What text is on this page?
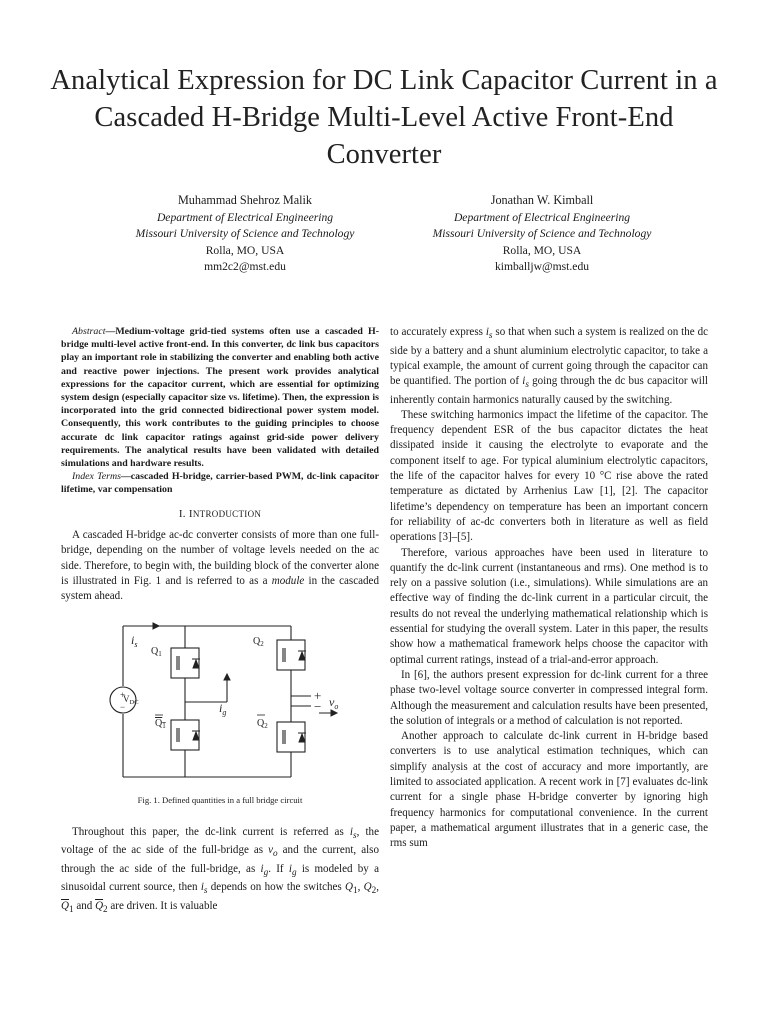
Analytical Expression for DC Link Capacitor Current in a Cascaded H-Bridge Multi-Level Active Front-End Converter
Muhammad Shehroz Malik
Department of Electrical Engineering
Missouri University of Science and Technology
Rolla, MO, USA
mm2c2@mst.edu
Jonathan W. Kimball
Department of Electrical Engineering
Missouri University of Science and Technology
Rolla, MO, USA
kimballjw@mst.edu

Abstract—Medium-voltage grid-tied systems often use a cascaded H-bridge multi-level active front-end. In this converter, dc link bus capacitors play an important role in stabilizing the converter and enabling both active and reactive power injections. The present work provides analytical expressions for the capacitor current, which are essential for optimizing system design (especially capacitor size vs. lifetime). Then, the expression is incorporated into the grid connected bidirectional power system model. Consequently, this work contributes to the guiding principles to choose accurate dc link capacitor ratings against grid-side power delivery requirements. The analytical results have been validated with detailed simulations and hardware results.

Index Terms—cascaded H-bridge, carrier-based PWM, dc-link capacitor lifetime, var compensation

I. INTRODUCTION

A cascaded H-bridge ac-dc converter consists of more than one full-bridge, depending on the number of voltage levels needed on the ac side. Therefore, to begin with, the building block of the converter alone is illustrated in Fig. 1 and is referred to as a module in the cascaded system ahead.

+
−
$i_s$
$i_g$
$Q_1$
$Q_2$
$Q_1$	$Q_2$
$V_{DC}$	+
− $v_o$
Fig. 1. Defined quantities in a full bridge circuit

Throughout this paper, the dc-link current is referred as $i_s$, the voltage of the ac side of the full-bridge as $v_o$ and the current, also through the ac side of the full-bridge, as $i_g$. If $i_g$ is modeled by a sinusoidal current source, then $i_s$ depends on how the switches $Q_1$, $Q_2$, $\overline{Q}_1$ and $\overline{Q}_2$ are driven. It is valuable

to accurately express $i_s$ so that when such a system is realized on the dc side by a battery and a shunt aluminium electrolytic capacitor, to take a typical example, the amount of current going through the capacitor can be quantified. The portion of $i_s$ going through the dc bus capacitor will inherently contain harmonics naturally caused by the switching.

These switching harmonics impact the lifetime of the capacitor. The frequency dependent ESR of the bus capacitor dictates the heat dissipated inside it causing the electrolyte to evaporate and the component itself to age. For typical aluminium electrolytic capacitors, the life of the capacitor halves for every 10 °C rise above the rated temperature as dictated by Arrhenius Law [1], [2]. The capacitor lifetime’s dependency on temperature has been an important concern for reliability of ac-dc converters both in literature as well as field operations [3]–[5].

Therefore, various approaches have been used in literature to quantify the dc-link current (instantaneous and rms). One method is to rely on a passive solution (i.e., simulations). While simulations are an effective way of finding the dc-link current in a particular circuit, the results do not reveal the underlying mathematical relationship which is essential for studying the overall system. Later in this paper, the results show how a mathematical framework helps choose the capacitor with optimal current ratings, instead of a trial-and-error approach.

In [6], the authors present expression for dc-link current for a three phase two-level voltage source converter in compressed integral form. Although the measurement and calculation results have been presented, the solution of integrals or a method of calculation is not reported.

Another approach to calculate dc-link current in H-bridge based converters is to use analytical estimation techniques, which can simplify analysis at the cost of accuracy and more importantly, are limited to associated application. A recent work in [7] evaluates dc-link current for a single phase H-bridge converter by ignoring high frequency harmonics for computational convenience. In the current paper, a mathematical argument illustrates that in a generic case, the rms sum
